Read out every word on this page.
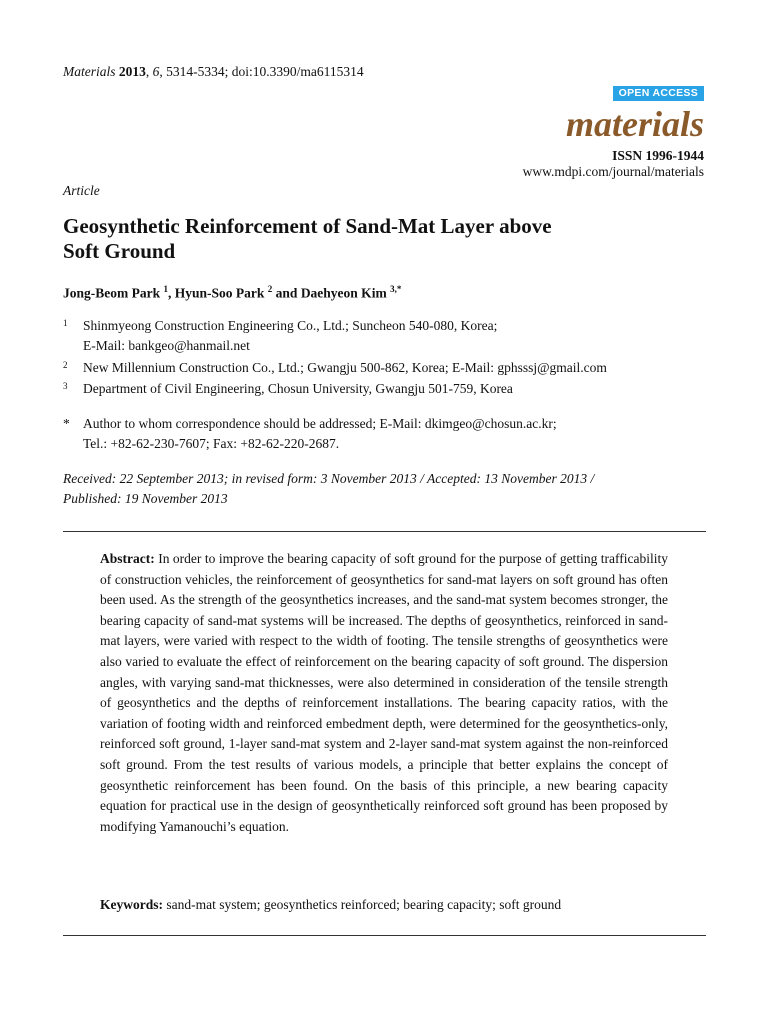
Materials 2013, 6, 5314-5334; doi:10.3390/ma6115314
OPEN ACCESS
materials
ISSN 1996-1944
www.mdpi.com/journal/materials
Article
Geosynthetic Reinforcement of Sand-Mat Layer above
Soft Ground
Jong-Beom Park $^1$, Hyun-Soo Park $^2$ and Daehyeon Kim $^{3,*}$
1 Shinmyeong Construction Engineering Co., Ltd.; Suncheon 540-080, Korea;
E-Mail: bankgeo@hanmail.net
2 New Millennium Construction Co., Ltd.; Gwangju 500-862, Korea; E-Mail: gphsssj@gmail.com
3 Department of Civil Engineering, Chosun University, Gwangju 501-759, Korea
* Author to whom correspondence should be addressed; E-Mail: dkimgeo@chosun.ac.kr;
Tel.: +82-62-230-7607; Fax: +82-62-220-2687.
Received: 22 September 2013; in revised form: 3 November 2013 / Accepted: 13 November 2013 /
Published: 19 November 2013
Abstract: In order to improve the bearing capacity of soft ground for the purpose of getting trafficability of construction vehicles, the reinforcement of geosynthetics for sand-mat layers on soft ground has often been used. As the strength of the geosynthetics increases, and the sand-mat system becomes stronger, the bearing capacity of sand-mat systems will be increased. The depths of geosynthetics, reinforced in sand-mat layers, were varied with respect to the width of footing. The tensile strengths of geosynthetics were also varied to evaluate the effect of reinforcement on the bearing capacity of soft ground. The dispersion angles, with varying sand-mat thicknesses, were also determined in consideration of the tensile strength of geosynthetics and the depths of reinforcement installations. The bearing capacity ratios, with the variation of footing width and reinforced embedment depth, were determined for the geosynthetics-only, reinforced soft ground, 1-layer sand-mat system and 2-layer sand-mat system against the non-reinforced soft ground. From the test results of various models, a principle that better explains the concept of geosynthetic reinforcement has been found. On the basis of this principle, a new bearing capacity equation for practical use in the design of geosynthetically reinforced soft ground has been proposed by modifying Yamanouchi’s equation.
Keywords: sand-mat system; geosynthetics reinforced; bearing capacity; soft ground
